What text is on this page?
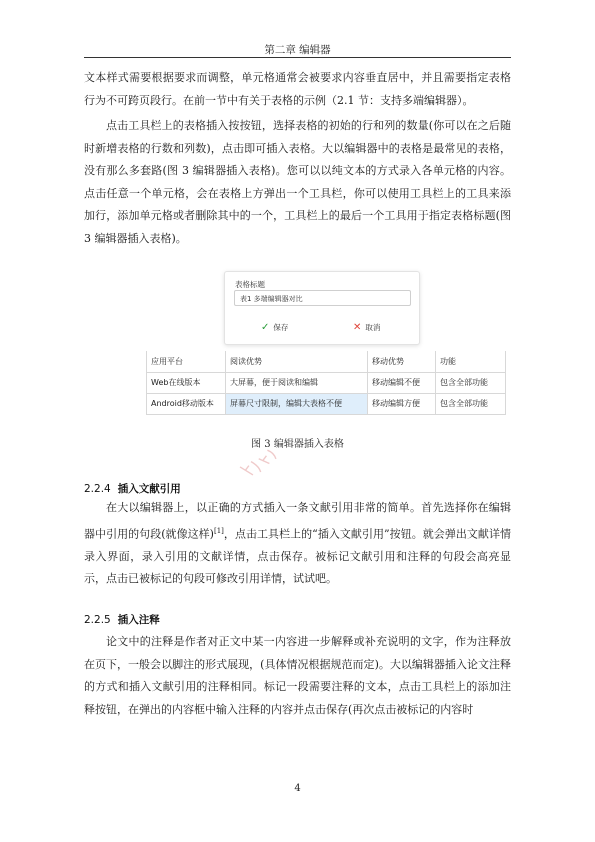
第二章 编辑器

文本样式需要根据要求而调整，单元格通常会被要求内容垂直居中，并且需要指定表格行为不可跨页段行。在前一节中有关于表格的示例（2.1 节：支持多端编辑器）。

点击工具栏上的表格插入按按钮，选择表格的初始的行和列的数量(你可以在之后随时新增表格的行数和列数)，点击即可插入表格。大以编辑器中的表格是最常见的表格，没有那么多套路(图 3 编辑器插入表格)。您可以以纯文本的方式录入各单元格的内容。点击任意一个单元格，会在表格上方弹出一个工具栏，你可以使用工具栏上的工具来添加行，添加单元格或者删除其中的一个，工具栏上的最后一个工具用于指定表格标题(图 3 编辑器插入表格)。

表格标题
表1 多端编辑器对比
✓ 保存	✕ 取消
应用平台	阅读优势	移动优势	功能
Web在线版本	大屏幕，便于阅读和编辑	移动编辑不便	包含全部功能
Android移动版本	屏幕尺寸限制，编辑大表格不便	移动编辑方便	包含全部功能
图 3 编辑器插入表格
2.2.4 插入文献引用

在大以编辑器上，以正确的方式插入一条文献引用非常的简单。首先选择你在编辑器中引用的句段(就像这样)[1]，点击工具栏上的“插入文献引用”按钮。就会弹出文献详情录入界面，录入引用的文献详情，点击保存。被标记文献引用和注释的句段会高亮显示，点击已被标记的句段可修改引用详情，试试吧。

2.2.5 插入注释

论文中的注释是作者对正文中某一内容进一步解释或补充说明的文字，作为注释放在页下，一般会以脚注的形式展现，(具体情况根据规范而定)。大以编辑器插入论文注释的方式和插入文献引用的注释相同。标记一段需要注释的文本，点击工具栏上的添加注释按钮，在弹出的内容框中输入注释的内容并点击保存(再次点击被标记的内容时

4
